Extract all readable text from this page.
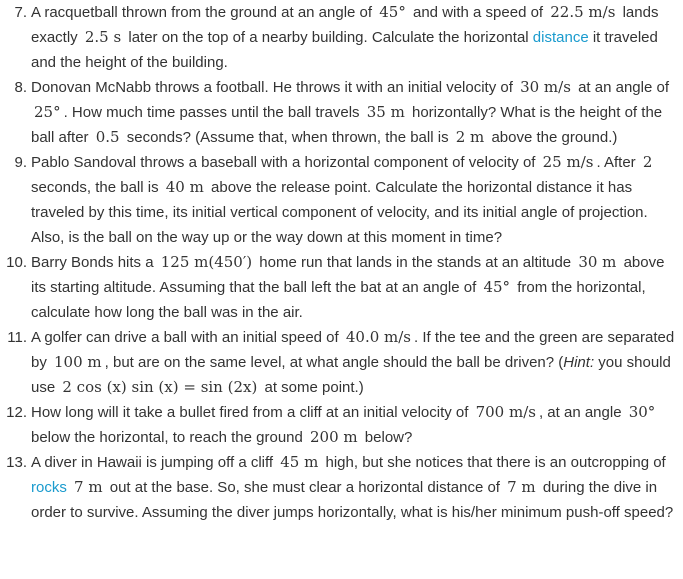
7. A racquetball thrown from the ground at an angle of 45° and with a speed of 22.5 m/s lands exactly 2.5 s later on the top of a nearby building. Calculate the horizontal distance it traveled and the height of the building.
8. Donovan McNabb throws a football. He throws it with an initial velocity of 30 m/s at an angle of 25° . How much time passes until the ball travels 35 m horizontally? What is the height of the ball after 0.5 seconds? (Assume that, when thrown, the ball is 2 m above the ground.)
9. Pablo Sandoval throws a baseball with a horizontal component of velocity of 25 m/s . After 2 seconds, the ball is 40 m above the release point. Calculate the horizontal distance it has traveled by this time, its initial vertical component of velocity, and its initial angle of projection. Also, is the ball on the way up or the way down at this moment in time?
10. Barry Bonds hits a 125 m(450′) home run that lands in the stands at an altitude 30 m above its starting altitude. Assuming that the ball left the bat at an angle of 45° from the horizontal, calculate how long the ball was in the air.
11. A golfer can drive a ball with an initial speed of 40.0 m/s . If the tee and the green are separated by 100 m , but are on the same level, at what angle should the ball be driven? (Hint: you should use 2 cos (x) sin (x) = sin (2x) at some point.)
12. How long will it take a bullet fired from a cliff at an initial velocity of 700 m/s , at an angle 30° below the horizontal, to reach the ground 200 m below?
13. A diver in Hawaii is jumping off a cliff 45 m high, but she notices that there is an outcropping of rocks 7 m out at the base. So, she must clear a horizontal distance of 7 m during the dive in order to survive. Assuming the diver jumps horizontally, what is his/her minimum push-off speed?
